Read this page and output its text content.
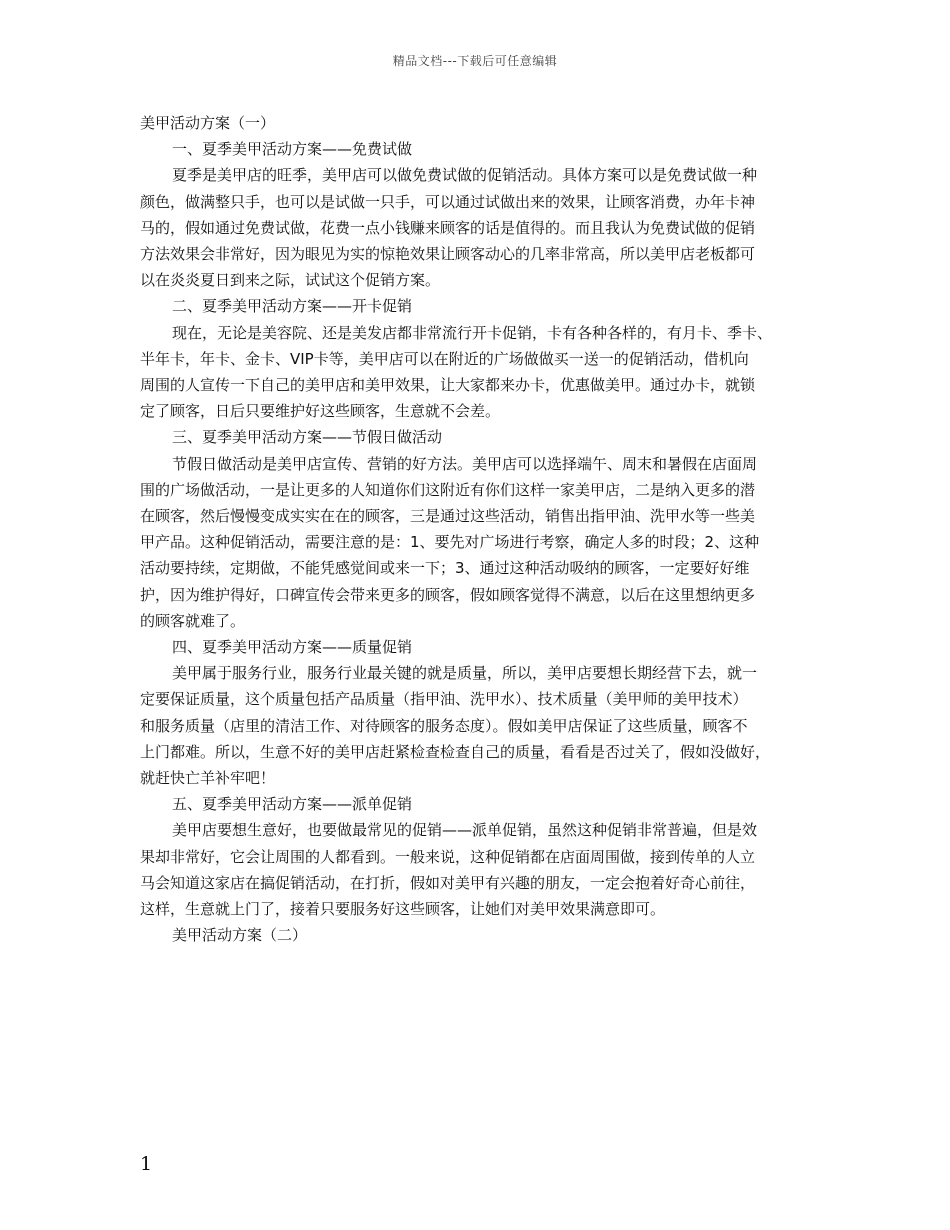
精品文档---下载后可任意编辑

美甲活动方案（一）

一、夏季美甲活动方案——免费试做

夏季是美甲店的旺季，美甲店可以做免费试做的促销活动。具体方案可以是免费试做一种

颜色，做满整只手，也可以是试做一只手，可以通过试做出来的效果，让顾客消费，办年卡神

马的，假如通过免费试做，花费一点小钱赚来顾客的话是值得的。而且我认为免费试做的促销

方法效果会非常好，因为眼见为实的惊艳效果让顾客动心的几率非常高，所以美甲店老板都可

以在炎炎夏日到来之际，试试这个促销方案。

二、夏季美甲活动方案——开卡促销

现在，无论是美容院、还是美发店都非常流行开卡促销，卡有各种各样的，有月卡、季卡、

半年卡，年卡、金卡、VIP卡等，美甲店可以在附近的广场做做买一送一的促销活动，借机向

周围的人宣传一下自己的美甲店和美甲效果，让大家都来办卡，优惠做美甲。通过办卡，就锁

定了顾客，日后只要维护好这些顾客，生意就不会差。

三、夏季美甲活动方案——节假日做活动

节假日做活动是美甲店宣传、营销的好方法。美甲店可以选择端午、周末和暑假在店面周

围的广场做活动，一是让更多的人知道你们这附近有你们这样一家美甲店，二是纳入更多的潜

在顾客，然后慢慢变成实实在在的顾客，三是通过这些活动，销售出指甲油、洗甲水等一些美

甲产品。这种促销活动，需要注意的是：1、要先对广场进行考察，确定人多的时段；2、这种

活动要持续，定期做，不能凭感觉间或来一下；3、通过这种活动吸纳的顾客，一定要好好维

护，因为维护得好，口碑宣传会带来更多的顾客，假如顾客觉得不满意，以后在这里想纳更多

的顾客就难了。

四、夏季美甲活动方案——质量促销

美甲属于服务行业，服务行业最关键的就是质量，所以，美甲店要想长期经营下去，就一

定要保证质量，这个质量包括产品质量（指甲油、洗甲水）、技术质量（美甲师的美甲技术）

和服务质量（店里的清洁工作、对待顾客的服务态度）。假如美甲店保证了这些质量，顾客不

上门都难。所以，生意不好的美甲店赶紧检查检查自己的质量，看看是否过关了，假如没做好，

就赶快亡羊补牢吧！

五、夏季美甲活动方案——派单促销

美甲店要想生意好，也要做最常见的促销——派单促销，虽然这种促销非常普遍，但是效

果却非常好，它会让周围的人都看到。一般来说，这种促销都在店面周围做，接到传单的人立

马会知道这家店在搞促销活动，在打折，假如对美甲有兴趣的朋友，一定会抱着好奇心前往，

这样，生意就上门了，接着只要服务好这些顾客，让她们对美甲效果满意即可。

美甲活动方案（二）

1
